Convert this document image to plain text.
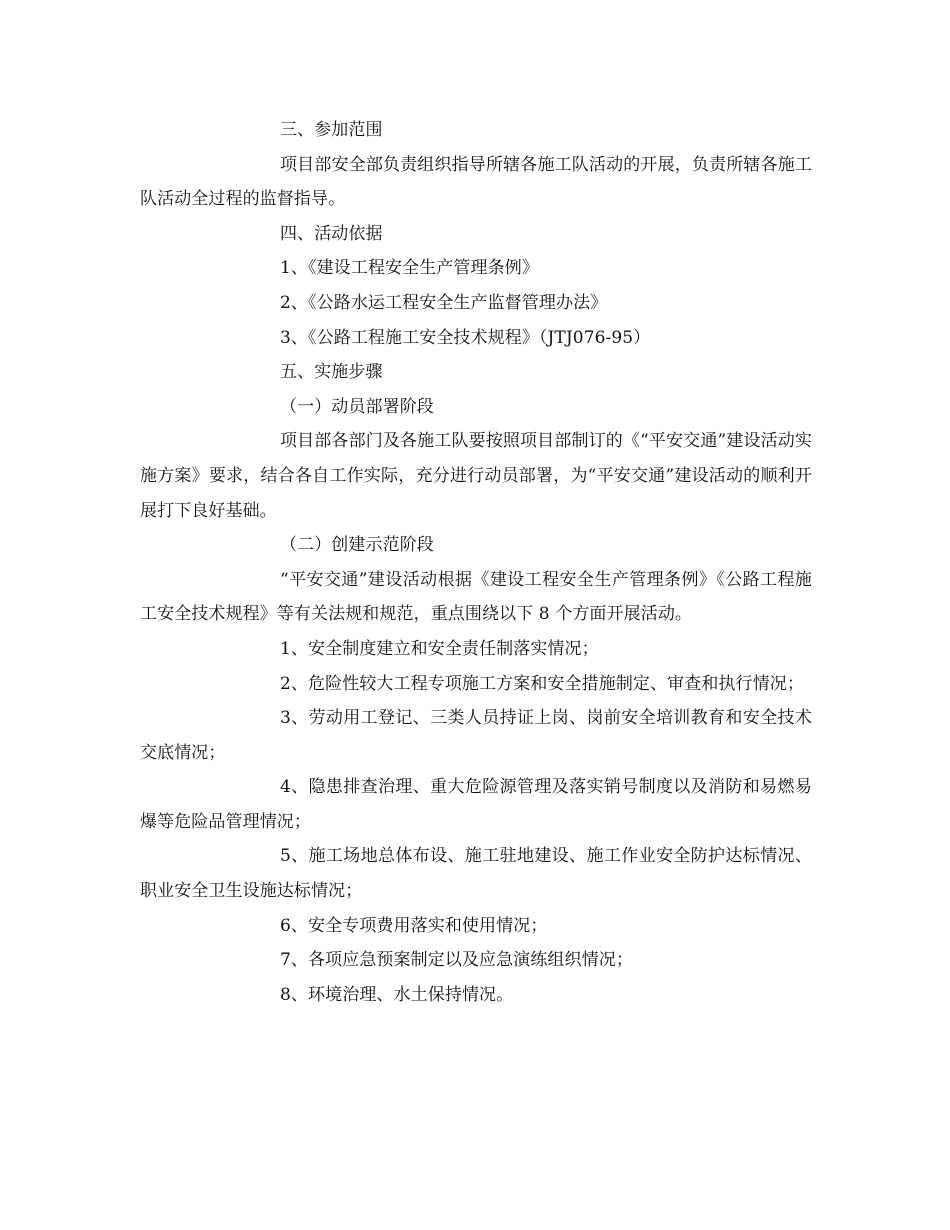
三、参加范围

项目部安全部负责组织指导所辖各施工队活动的开展，负责所辖各施工队活动全过程的监督指导。

四、活动依据

1、《建设工程安全生产管理条例》

2、《公路水运工程安全生产监督管理办法》

3、《公路工程施工安全技术规程》（JTJ076-95）

五、实施步骤

（一）动员部署阶段

项目部各部门及各施工队要按照项目部制订的《“平安交通”建设活动实施方案》要求，结合各自工作实际，充分进行动员部署，为“平安交通”建设活动的顺利开展打下良好基础。

（二）创建示范阶段

“平安交通”建设活动根据《建设工程安全生产管理条例》《公路工程施工安全技术规程》等有关法规和规范，重点围绕以下 8 个方面开展活动。

1、安全制度建立和安全责任制落实情况；

2、危险性较大工程专项施工方案和安全措施制定、审查和执行情况；

3、劳动用工登记、三类人员持证上岗、岗前安全培训教育和安全技术交底情况；

4、隐患排查治理、重大危险源管理及落实销号制度以及消防和易燃易爆等危险品管理情况；

5、施工场地总体布设、施工驻地建设、施工作业安全防护达标情况、职业安全卫生设施达标情况；

6、安全专项费用落实和使用情况；

7、各项应急预案制定以及应急演练组织情况；

8、环境治理、水土保持情况。
